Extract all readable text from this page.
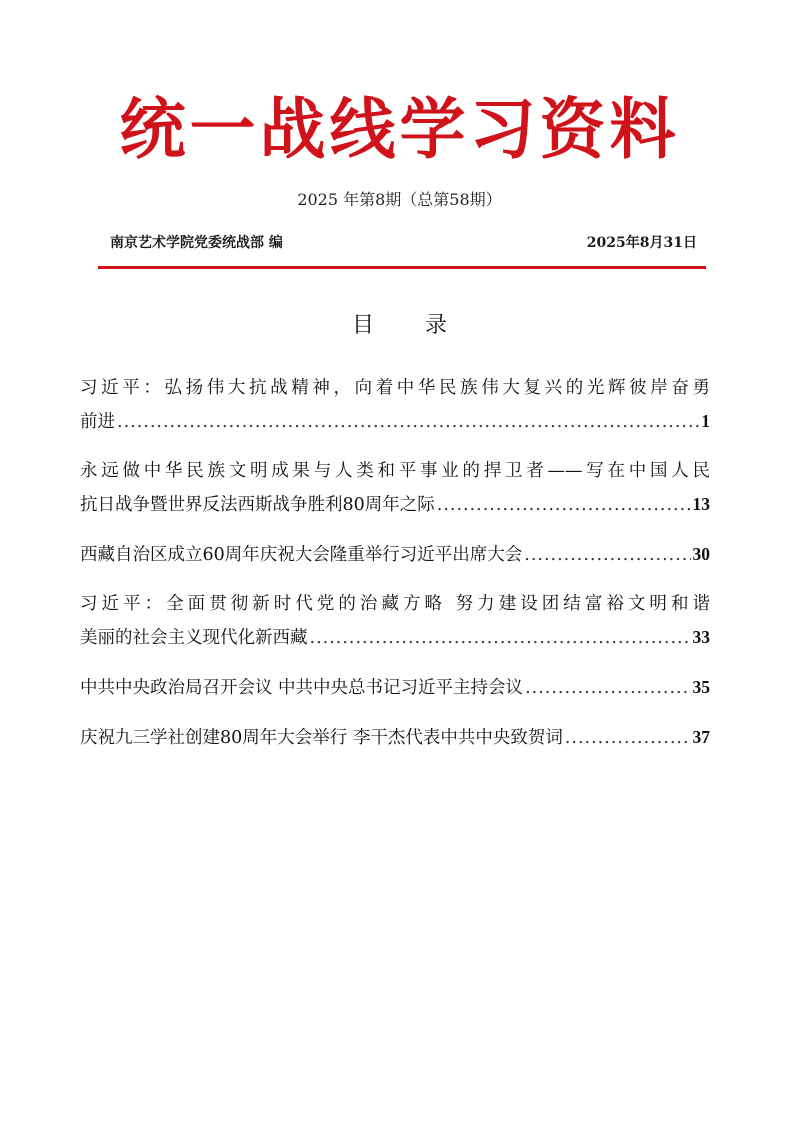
统一战线学习资料
2025 年第8期（总第58期）
南京艺术学院党委统战部 编	2025年8月31日
目 录
习近平：弘扬伟大抗战精神，向着中华民族伟大复兴的光辉彼岸奋勇
前进 .....	1
永远做中华民族文明成果与人类和平事业的捍卫者——写在中国人民
抗日战争暨世界反法西斯战争胜利80周年之际 .....	13
西藏自治区成立60周年庆祝大会隆重举行习近平出席大会 .....	30
习近平：全面贯彻新时代党的治藏方略 努力建设团结富裕文明和谐
美丽的社会主义现代化新西藏 .....	33
中共中央政治局召开会议 中共中央总书记习近平主持会议 .....	35
庆祝九三学社创建80周年大会举行 李干杰代表中共中央致贺词 .....	37
